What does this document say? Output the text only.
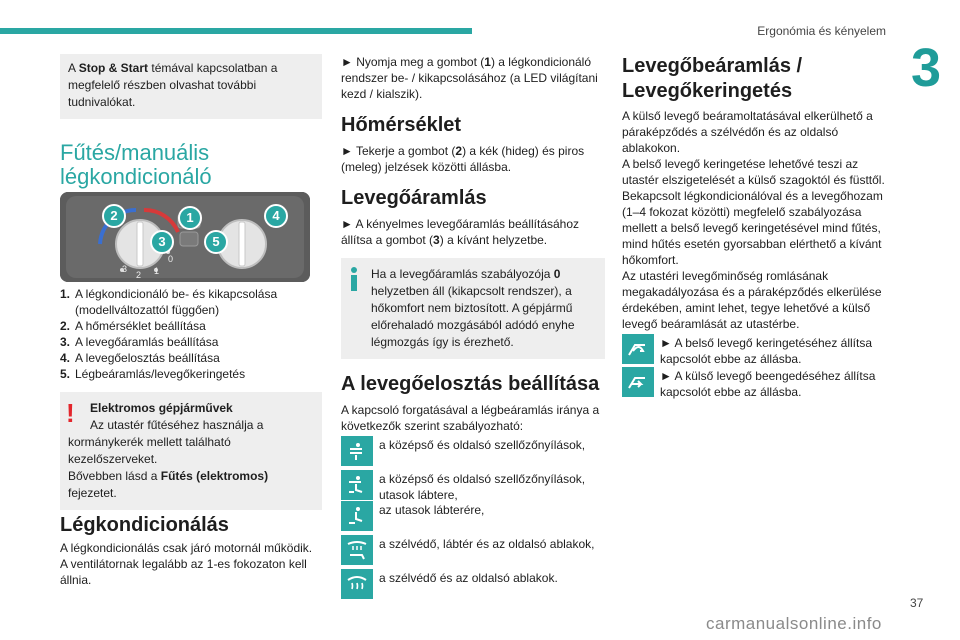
Ergonómia és kényelem
3
A Stop & Start témával kapcsolatban a megfelelő részben olvashat további tudnivalókat.
Fűtés/manuális légkondicionáló
2	1	4
3	5
3
2 1
0
1. A légkondicionáló be- és kikapcsolása (modellváltozattól függően)
2. A hőmérséklet beállítása
3. A levegőáramlás beállítása
4. A levegőelosztás beállítása
5. Légbeáramlás/levegőkeringetés
!	Elektromos gépjárművek
Az utastér fűtéséhez használja a kormánykerék mellett található kezelőszerveket.
Bővebben lásd a Fűtés (elektromos) fejezetet.
Légkondicionálás

A légkondicionálás csak járó motornál működik. A ventilátornak legalább az 1-es fokozaton kell állnia.

► Nyomja meg a gombot (1) a légkondicionáló rendszer be- / kikapcsolásához (a LED világítani kezd / kialszik).

Hőmérséklet

► Tekerje a gombot (2) a kék (hideg) és piros (meleg) jelzések közötti állásba.

Levegőáramlás

► A kényelmes levegőáramlás beállításához állítsa a gombot (3) a kívánt helyzetbe.

Ha a levegőáramlás szabályozója 0 helyzetben áll (kikapcsolt rendszer), a hőkomfort nem biztosított. A gépjármű előrehaladó mozgásából adódó enyhe légmozgás így is érezhető.
A levegőelosztás beállítása

A kapcsoló forgatásával a légbeáramlás iránya a következők szerint szabályozható:

a középső és oldalsó szellőzőnyílások,
a középső és oldalsó szellőzőnyílások, utasok lábtere,
az utasok lábterére,
a szélvédő, lábtér és az oldalsó ablakok,
a szélvédő és az oldalsó ablakok.
Levegőbeáramlás / Levegőkeringetés

A külső levegő beáramoltatásával elkerülhető a párakép​ződés a szélvédőn és az oldalsó ablakokon.

A belső levegő keringetése lehetővé teszi az utastér elszigetelését a külső szagoktól és füsttől.

Bekapcsolt légkondicionálóval és a levegőhozam (1–4 fokozat közötti) megfelelő szabályozása mellett a belső levegő keringetésével mind fűtés, mind hűtés esetén gyorsabban elérthető a kívánt hőkomfort.

Az utastéri levegőminőség romlásának megakadályozása és a páraképződés elkerülése érdekében, amint lehet, tegye lehetővé a külső levegő beáramlását az utastérbe.

► A belső levegő keringetéséhez állítsa kapcsolót ebbe az állásba.
► A külső levegő beengedéséhez állítsa kapcsolót ebbe az állásba.
37
carmanualsonline.info
